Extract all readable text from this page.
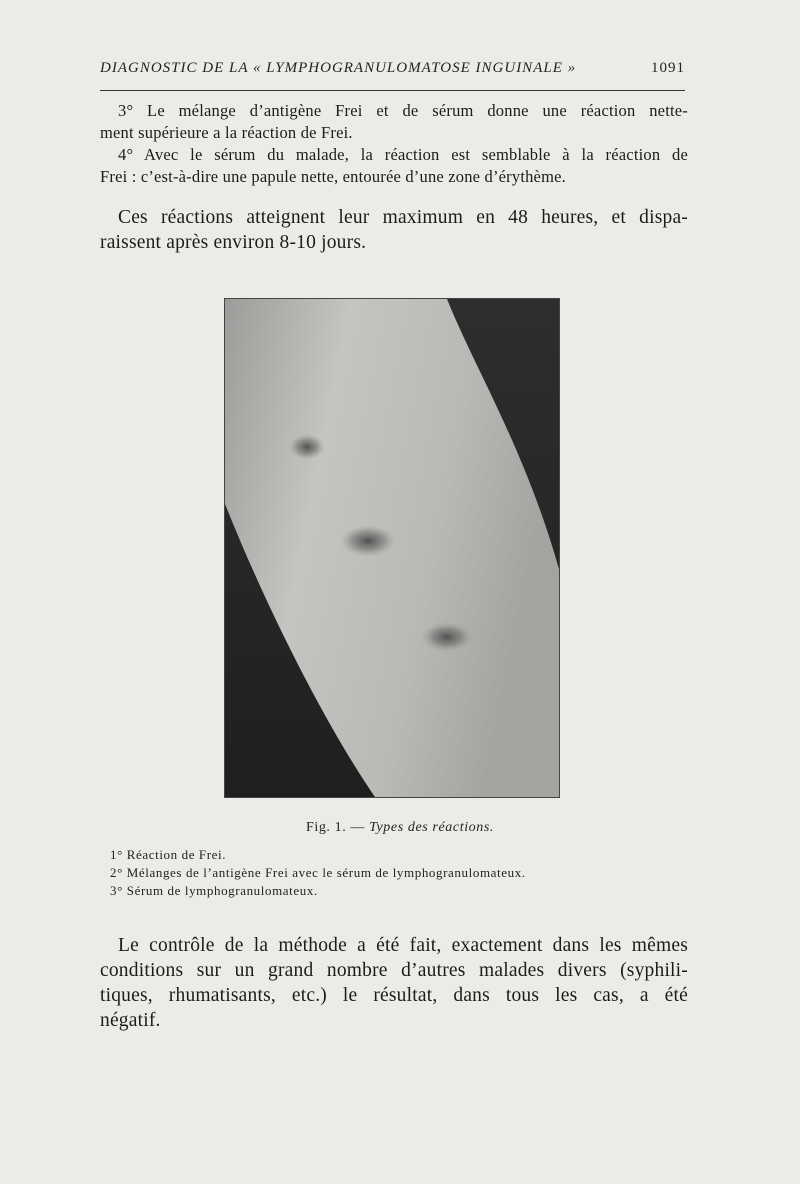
DIAGNOSTIC DE LA « LYMPHOGRANULOMATOSE INGUINALE »	1091
3° Le mélange d’antigène Frei et de sérum donne une réaction nette-
ment supérieure a la réaction de Frei.
4° Avec le sérum du malade, la réaction est semblable à la réaction de
Frei : c’est-à-dire une papule nette, entourée d’une zone d’érythème.
Ces réactions atteignent leur maximum en 48 heures, et dispa-
raissent après environ 8-10 jours.
Fig. 1. — Types des réactions.
1° Réaction de Frei.
2° Mélanges de l’antigène Frei avec le sérum de lymphogranulomateux.
3° Sérum de lymphogranulomateux.
Le contrôle de la méthode a été fait, exactement dans les mêmes
conditions sur un grand nombre d’autres malades divers (syphili-
tiques, rhumatisants, etc.) le résultat, dans tous les cas, a été
négatif.
